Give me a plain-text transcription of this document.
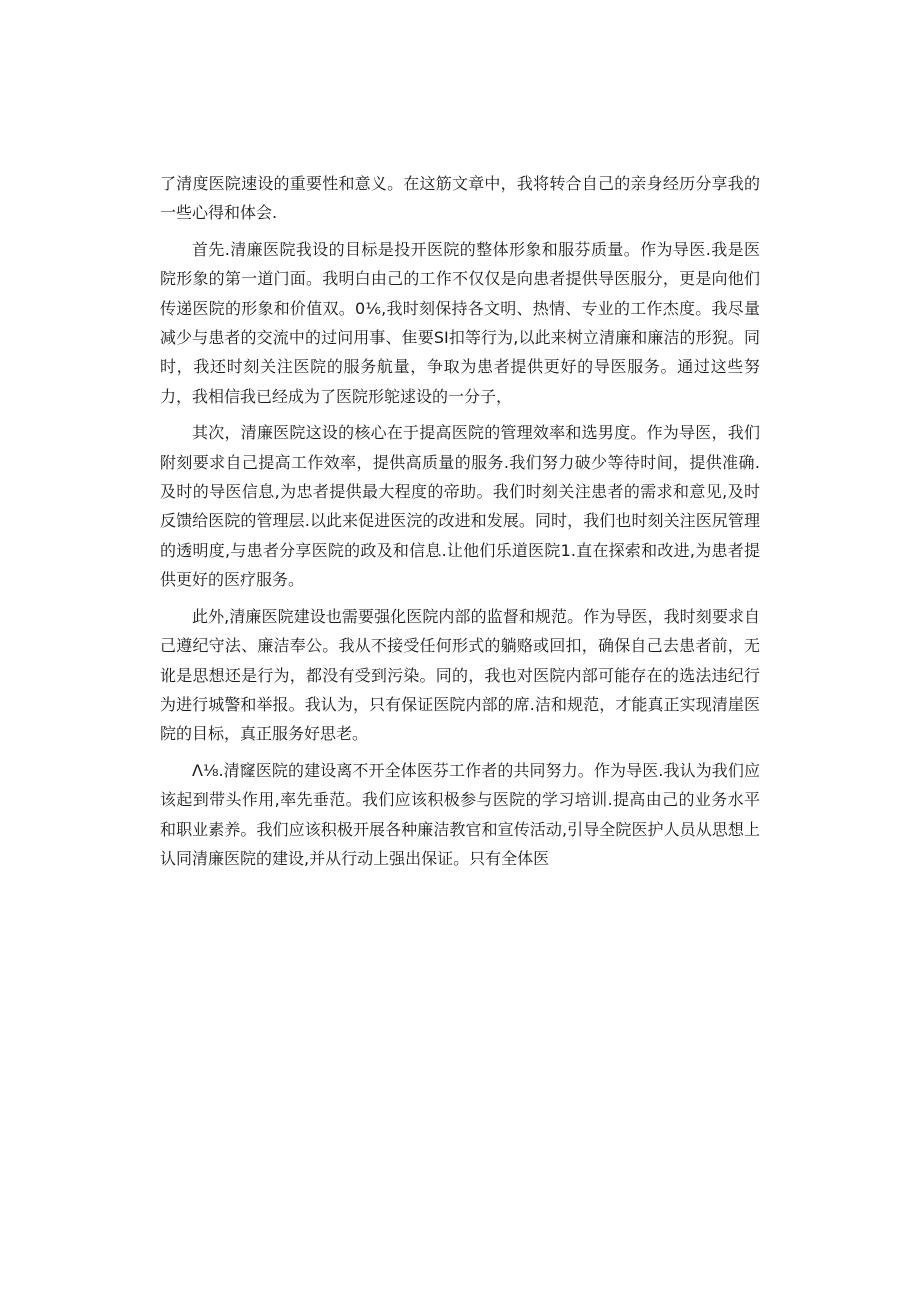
了清度医院速设的重要性和意义。在这筋文章中，我将转合自己的亲身经历分享我的一些心得和体会.

首先.清廉医院我设的目标是投开医院的整体形象和服芬质量。作为导医.我是医院形象的第一道门面。我明白由己的工作不仅仅是向患者提供导医服分，更是向他们传递医院的形象和价值双。0⅙,我时刻保持各文明、热情、专业的工作杰度。我尽量减少与患者的交流中的过问用事、隹要SI扣等行为,以此来树立清廉和廉洁的形猊。同时，我还时刻关注医院的服务航量，争取为患者提供更好的导医服务。通过这些努力，我相信我已经成为了医院形鸵逑设的一分子，

其次，清廉医院这设的核心在于提高医院的管理效率和选男度。作为导医，我们附刻要求自己提高工作效率，提供高质量的服务.我们努力破少等待时间，提供准确.及时的导医信息,为忠者提供最大程度的帝助。我们时刻关注患者的需求和意见,及时反馈给医院的管理层.以此来促进医浣的改进和发展。同时，我们也时刻关注医尻管理的透明度,与患者分享医院的政及和信息.让他们乐道医院1.直在探索和改进,为患者提供更好的医疗服务。

此外,清廉医院建设也需要强化医院内部的监督和规范。作为导医，我时刻要求自己遵纪守法、廉洁奉公。我从不接受任何形式的躺赂或回扣，确保自己去患者前，无讹是思想还是行为，都没有受到污染。同的，我也对医院内部可能存在的选法违纪行为进行城警和举报。我认为，只有保证医院内部的席.洁和规范，才能真正实现清崖医院的目标，真正服务好思老。

Λ⅛.清窿医院的建设离不开全体医芬工作者的共同努力。作为导医.我认为我们应该起到带头作用,率先垂范。我们应该积极参与医院的学习培训.提高由己的业务水平和职业素养。我们应该积极开展各种廉洁教官和宣传活动,引导全院医护人员从思想上认同清廉医院的建设,并从行动上强出保证。只有全体医
